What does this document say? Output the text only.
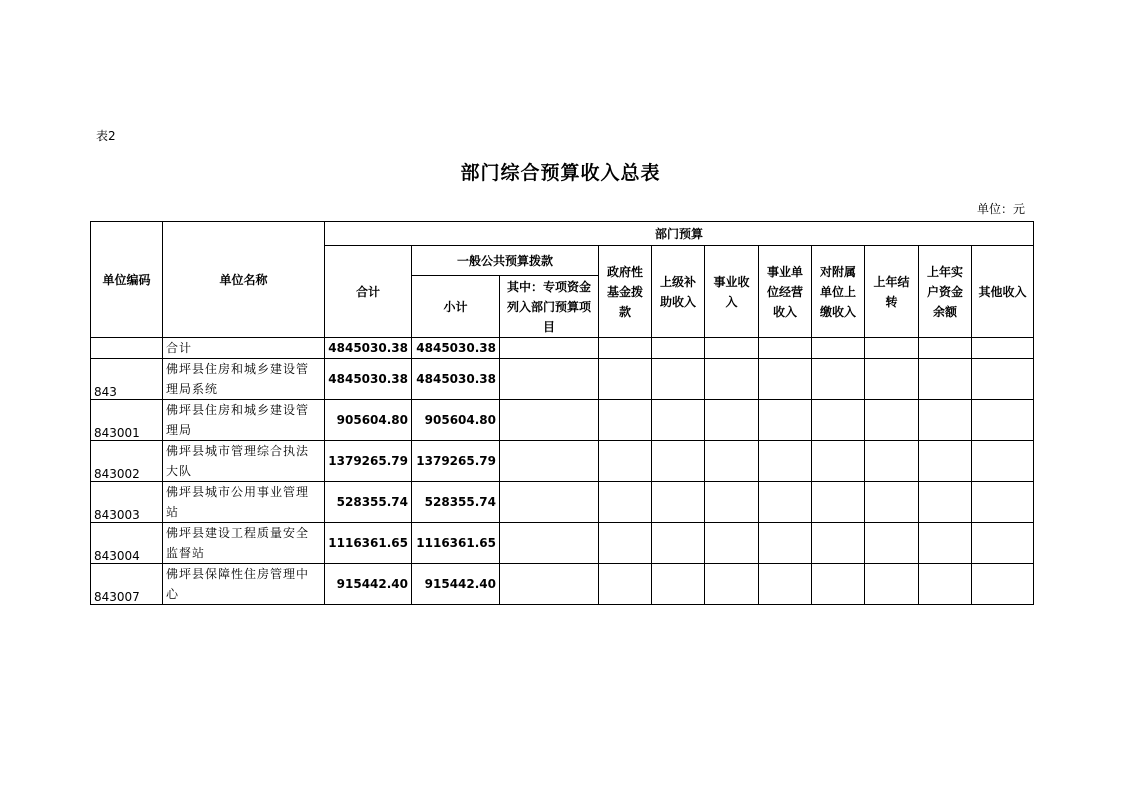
表2
部门综合预算收入总表
单位：元
单位编码	单位名称	部门预算										
		合计	一般公共预算拨款		政府性基金拨款	上级补助收入	事业收入	事业单位经营收入	对附属单位上缴收入	上年结转	上年实户资金余额	其他收入
			小计	其中：专项资金列入部门预算项目								
	合计	4845030.38	4845030.38									
843	佛坪县住房和城乡建设管理局系统	4845030.38	4845030.38									
843001	佛坪县住房和城乡建设管理局	905604.80	905604.80									
843002	佛坪县城市管理综合执法大队	1379265.79	1379265.79									
843003	佛坪县城市公用事业管理站	528355.74	528355.74									
843004	佛坪县建设工程质量安全监督站	1116361.65	1116361.65									
843007	佛坪县保障性住房管理中心	915442.40	915442.40									
